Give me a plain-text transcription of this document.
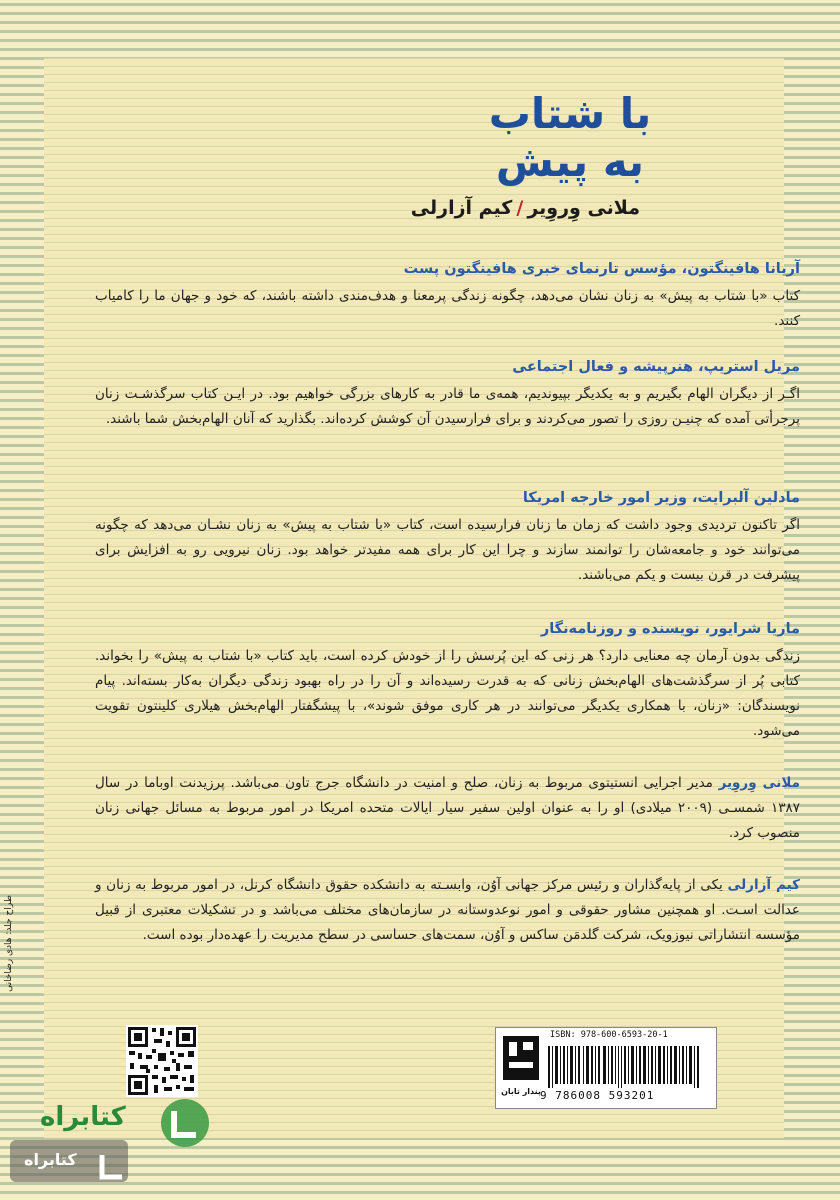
با شتاب
به پیش
ملانی وِروِیر/کیم آزارلی
آریانا هافینگتون، مؤسس تارنمای خبری هافینگتون پست
کتاب «با شتاب به پیش» به زنان نشان می‌دهد، چگونه زندگی پرمعنا و هدف‌مندی داشته باشند، که خود و جهان ما را کامیاب کنند.
مریل استریپ، هنرپیشه و فعال اجتماعی
اگـر از دیگران الهام بگیریم و به یکدیگر بپیوندیم، همه‌ی ما قادر به کارهای بزرگی خواهیم بود. در ایـن کتاب سرگذشـت زنان پرجرأتی آمده که چنیـن روزی را تصور می‌کردند و برای فرارسیدن آن کوشش کرده‌اند. بگذارید که آنان الهام‌بخش شما باشند.
مادلین آلبرایت، وزیر امور خارجه امریکا
اگر تاکنون تردیدی وجود داشت که زمان ما زنان فرارسیده است، کتاب «با شتاب به پیش» به زنان نشـان می‌دهد که چگونه می‌توانند خود و جامعه‌شان را توانمند سازند و چرا این کار برای همه مفیدتر خواهد بود. زنان نیرویی رو به افزایش برای پیشرفت در قرن بیست و یکم می‌باشند.
ماریا شرایور، نویسنده و روزنامه‌نگار
زندگی بدون آرمان چه معنایی دارد؟ هر زنی که این پُرسش را از خودش کرده است، باید کتاب «با شتاب به پیش» را بخواند. کتابی پُر از سرگذشت‌های الهام‌بخش زنانی که به قدرت رسیده‌اند و آن را در راه بهبود زندگی دیگران به‌کار بسته‌اند. پیام نویسندگان: «زنان، با همکاری یکدیگر می‌توانند در هر کاری موفق شوند»، با پیشگفتار الهام‌بخش هیلاری کلینتون تقویت می‌شود.
ملانی وِروِیر مدیر اجرایی انستیتوی مربوط به زنان، صلح و امنیت در دانشگاه جرج تاون می‌باشد. پرزیدنت اوباما در سال ۱۳۸۷ شمسـی (۲۰۰۹ میلادی) او را به عنوان اولین سفیر سیار ایالات متحده امریکا در امور مربوط به مسائل جهانی زنان منصوب کرد.
کیم آزارلی یکی از پایه‌گذاران و رئیس مرکز جهانی آوُن، وابسـته به دانشکده حقوق دانشگاه کرنل، در امور مربوط به زنان و عدالت اسـت. او همچنین مشاور حقوقی و امور نوعدوستانه در سازمان‌های مختلف می‌باشد و در تشکیلات معتبری از قبیل مؤسسه انتشاراتی نیوزویک، شرکت گلدمَن ساکس و آوُن، سمت‌های حساسی در سطح مدیریت را عهده‌دار بوده است.
پندار تابان
ISBN: 978-600-6593-20-1
9 786008 593201
طراح جلد: هادی رضاخانی
کتابراه
کتابراه
